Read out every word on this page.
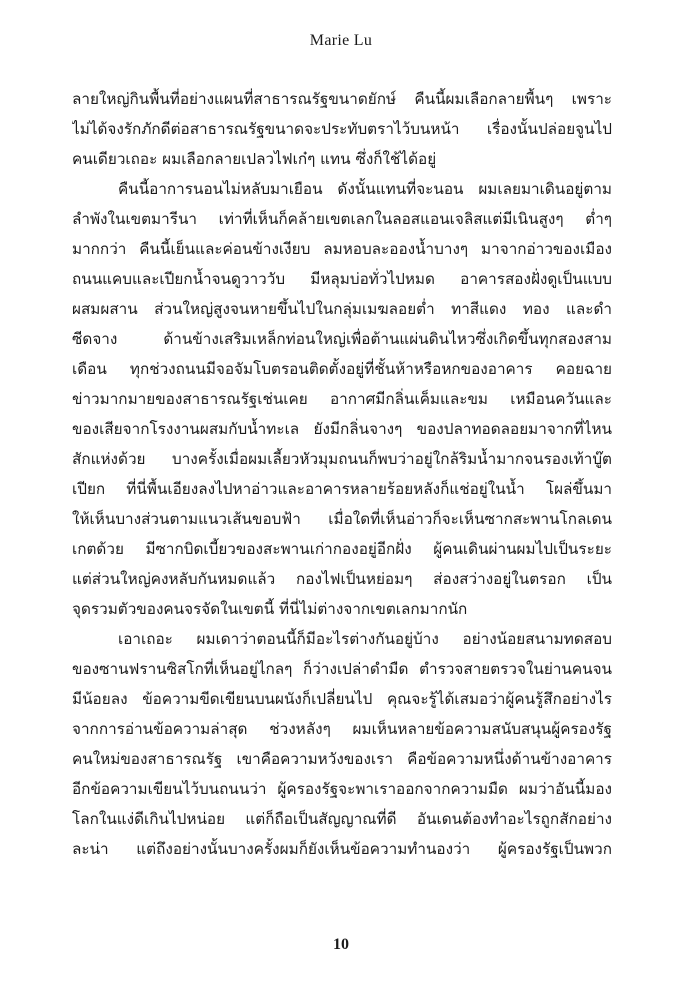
Marie Lu
ลายใหญ่กินพื้นที่อย่างแผนที่สาธารณรัฐขนาดยักษ์ คืนนี้ผมเลือกลายพื้นๆ เพราะ
ไม่ได้จงรักภักดีต่อสาธารณรัฐขนาดจะประทับตราไว้บนหน้า เรื่องนั้นปล่อยจูนไป
คนเดียวเถอะ ผมเลือกลายเปลวไฟเก๋ๆ แทน ซึ่งก็ใช้ได้อยู่
คืนนี้อาการนอนไม่หลับมาเยือน ดังนั้นแทนที่จะนอน ผมเลยมาเดินอยู่ตาม
ลำพังในเขตมารีนา เท่าที่เห็นก็คล้ายเขตเลกในลอสแอนเจลิสแต่มีเนินสูงๆ ต่ำๆ
มากกว่า คืนนี้เย็นและค่อนข้างเงียบ ลมหอบละอองน้ำบางๆ มาจากอ่าวของเมือง
ถนนแคบและเปียกน้ำจนดูวาววับ มีหลุมบ่อทั่วไปหมด อาคารสองฝั่งดูเป็นแบบ
ผสมผสาน ส่วนใหญ่สูงจนหายขึ้นไปในกลุ่มเมฆลอยต่ำ ทาสีแดง ทอง และดำ
ซีดจาง ด้านข้างเสริมเหล็กท่อนใหญ่เพื่อต้านแผ่นดินไหวซึ่งเกิดขึ้นทุกสองสาม
เดือน ทุกช่วงถนนมีจอจัมโบตรอนติดตั้งอยู่ที่ชั้นห้าหรือหกของอาคาร คอยฉาย
ข่าวมากมายของสาธารณรัฐเช่นเคย อากาศมีกลิ่นเค็มและขม เหมือนควันและ
ของเสียจากโรงงานผสมกับน้ำทะเล ยังมีกลิ่นจางๆ ของปลาทอดลอยมาจากที่ไหน
สักแห่งด้วย บางครั้งเมื่อผมเลี้ยวหัวมุมถนนก็พบว่าอยู่ใกล้ริมน้ำมากจนรองเท้าบู๊ต
เปียก ที่นี่พื้นเอียงลงไปหาอ่าวและอาคารหลายร้อยหลังก็แช่อยู่ในน้ำ โผล่ขึ้นมา
ให้เห็นบางส่วนตามแนวเส้นขอบฟ้า เมื่อใดที่เห็นอ่าวก็จะเห็นซากสะพานโกลเดน
เกตด้วย มีซากบิดเบี้ยวของสะพานเก่ากองอยู่อีกฝั่ง ผู้คนเดินผ่านผมไปเป็นระยะ
แต่ส่วนใหญ่คงหลับกันหมดแล้ว กองไฟเป็นหย่อมๆ ส่องสว่างอยู่ในตรอก เป็น
จุดรวมตัวของคนจรจัดในเขตนี้ ที่นี่ไม่ต่างจากเขตเลกมากนัก
เอาเถอะ ผมเดาว่าตอนนี้ก็มีอะไรต่างกันอยู่บ้าง อย่างน้อยสนามทดสอบ
ของซานฟรานซิสโกที่เห็นอยู่ไกลๆ ก็ว่างเปล่าดำมืด ตำรวจสายตรวจในย่านคนจน
มีน้อยลง ข้อความขีดเขียนบนผนังก็เปลี่ยนไป คุณจะรู้ได้เสมอว่าผู้คนรู้สึกอย่างไร
จากการอ่านข้อความล่าสุด ช่วงหลังๆ ผมเห็นหลายข้อความสนับสนุนผู้ครองรัฐ
คนใหม่ของสาธารณรัฐ เขาคือความหวังของเรา คือข้อความหนึ่งด้านข้างอาคาร
อีกข้อความเขียนไว้บนถนนว่า ผู้ครองรัฐจะพาเราออกจากความมืด ผมว่าอันนี้มอง
โลกในแง่ดีเกินไปหน่อย แต่ก็ถือเป็นสัญญาณที่ดี อันเดนต้องทำอะไรถูกสักอย่าง
ละน่า แต่ถึงอย่างนั้นบางครั้งผมก็ยังเห็นข้อความทำนองว่า ผู้ครองรัฐเป็นพวก
10
